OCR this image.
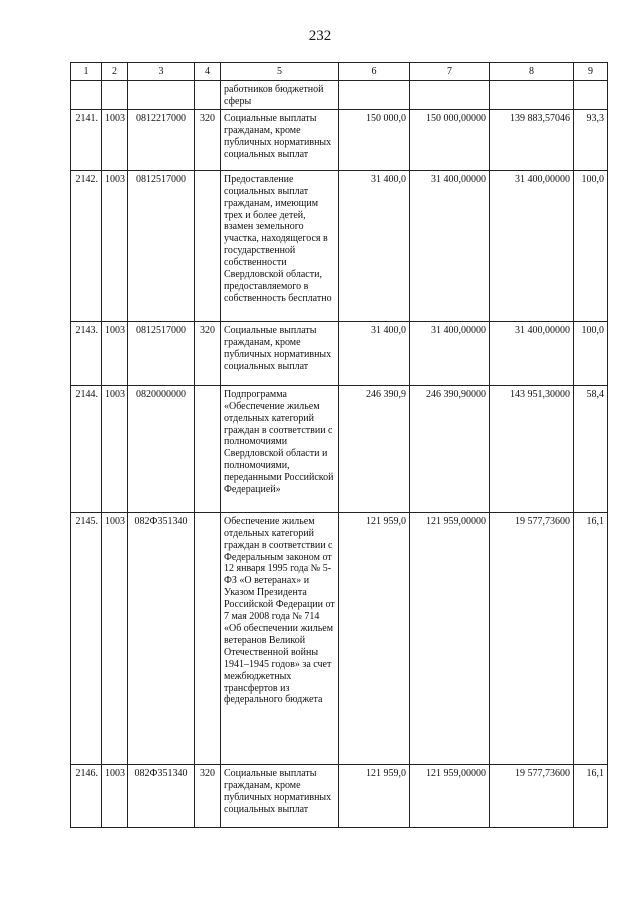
232
1	2	3	4	5	6	7	8	9
				работников бюджетной сферы				
2141.	1003	0812217000	320	Социальные выплаты гражданам, кроме публичных нормативных социальных выплат	150 000,0	150 000,00000	139 883,57046	93,3
2142.	1003	0812517000		Предоставление социальных выплат гражданам, имеющим трех и более детей, взамен земельного участка, находящегося в государственной собственности Свердловской области, предоставляемого в собственность бесплатно	31 400,0	31 400,00000	31 400,00000	100,0
2143.	1003	0812517000	320	Социальные выплаты гражданам, кроме публичных нормативных социальных выплат	31 400,0	31 400,00000	31 400,00000	100,0
2144.	1003	0820000000		Подпрограмма «Обеспечение жильем отдельных категорий граждан в соответствии с полномочиями Свердловской области и полномочиями, переданными Российской Федерацией»	246 390,9	246 390,90000	143 951,30000	58,4
2145.	1003	082Ф351340		Обеспечение жильем отдельных категорий граждан в соответствии с Федеральным законом от 12 января 1995 года № 5-ФЗ «О ветеранах» и Указом Президента Российской Федерации от 7 мая 2008 года № 714 «Об обеспечении жильем ветеранов Великой Отечественной войны 1941–1945 годов» за счет межбюджетных трансфертов из федерального бюджета	121 959,0	121 959,00000	19 577,73600	16,1
2146.	1003	082Ф351340	320	Социальные выплаты гражданам, кроме публичных нормативных социальных выплат	121 959,0	121 959,00000	19 577,73600	16,1
